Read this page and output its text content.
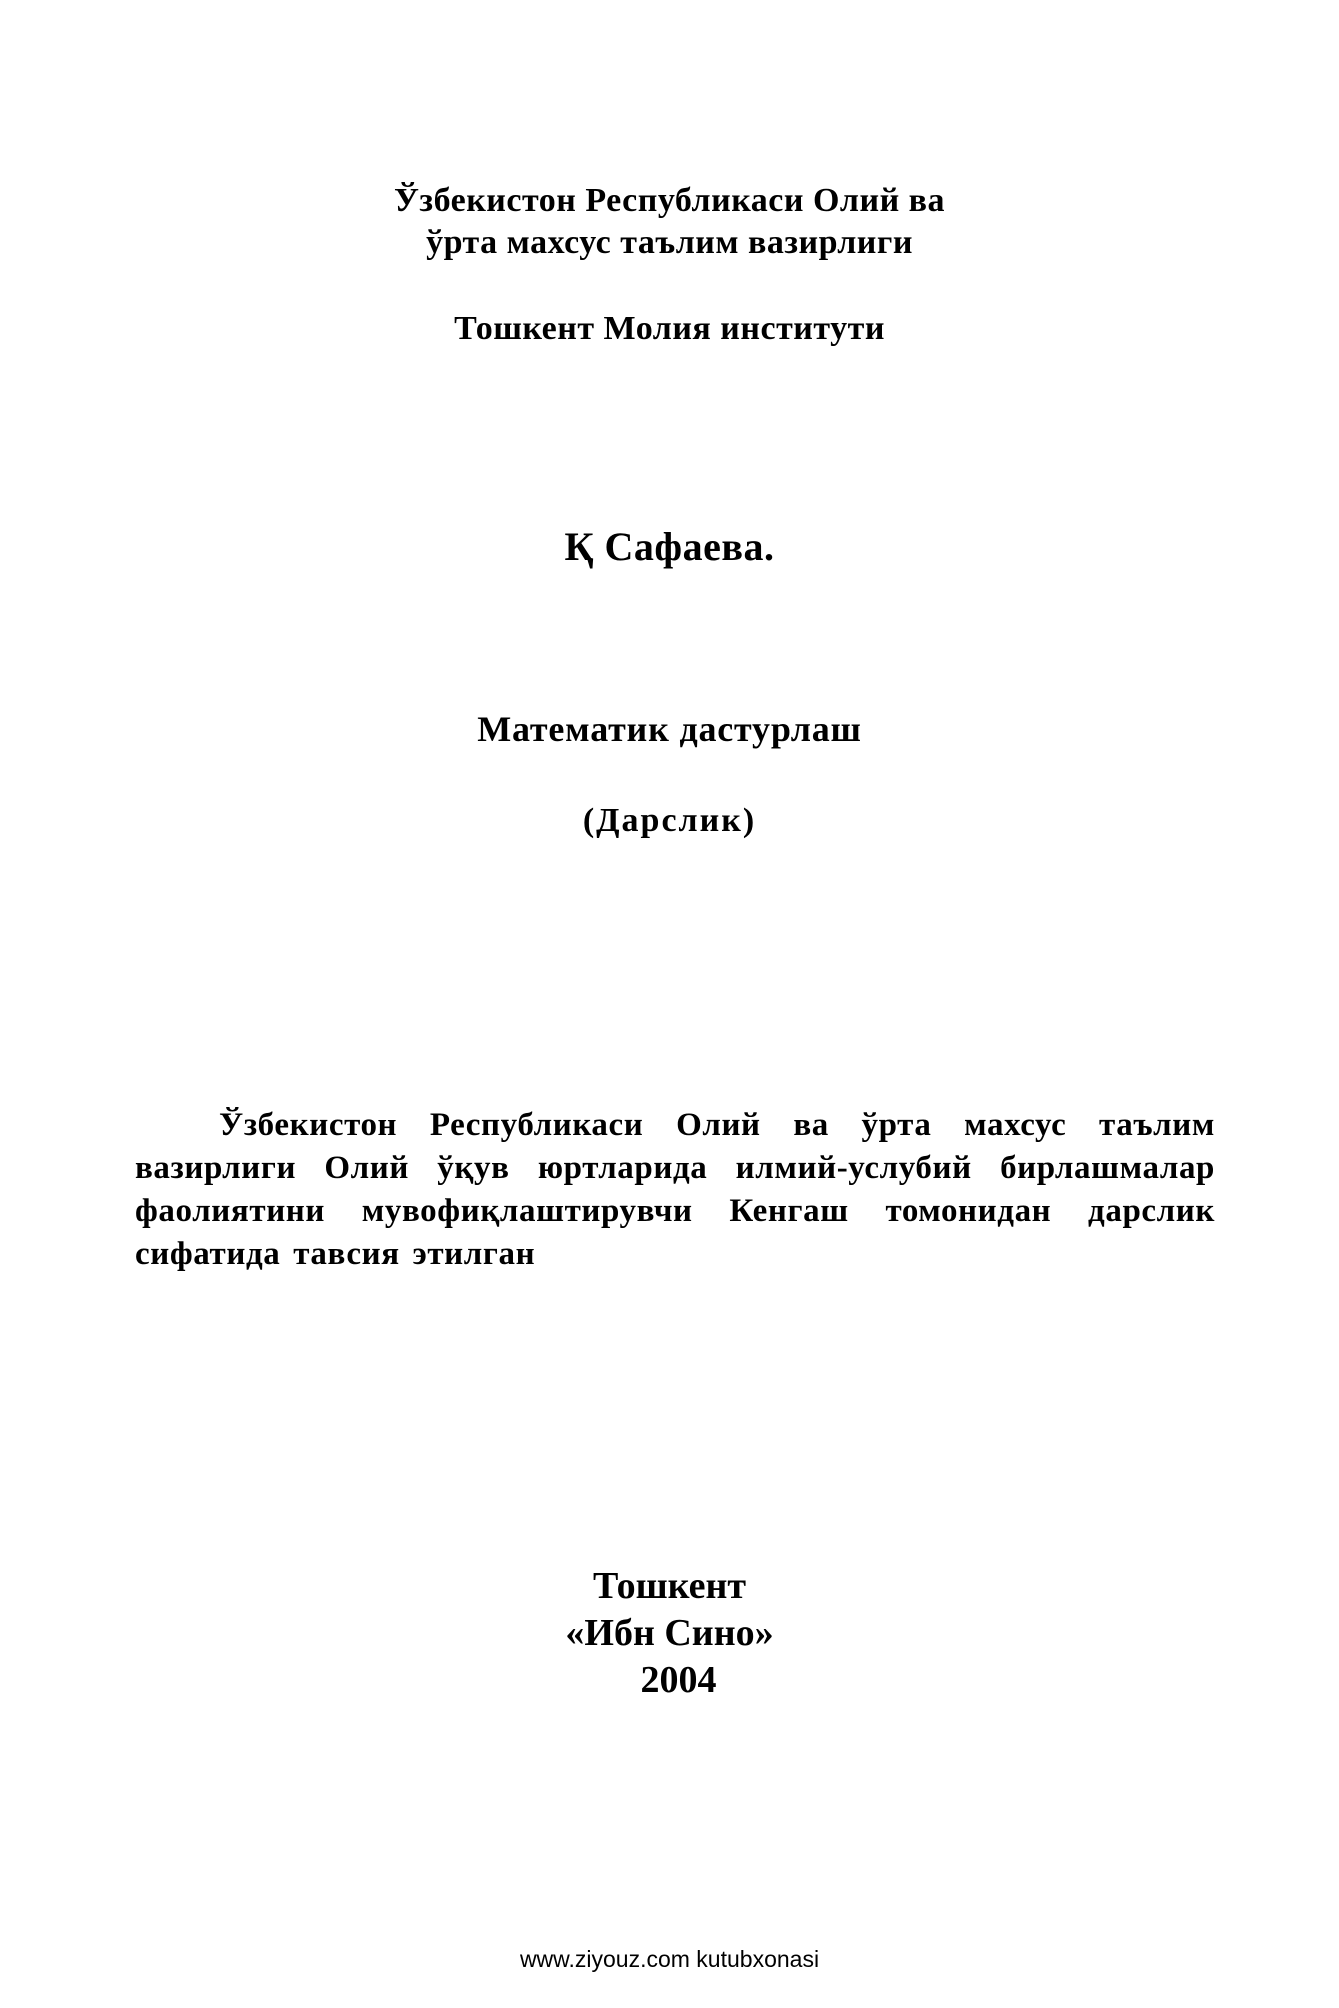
Ўзбекистон Республикаси Олий ва
ўрта махсус таълим вазирлиги
Тошкент Молия институти
Қ Сафаева.
Математик дастурлаш
(Дарслик)

Ўзбекистон Республикаси Олий ва ўрта махсус таълим вазирлиги Олий ўқув юртларида илмий-услубий бирлашмалар фаолиятини мувофиқлаштирувчи Кенгаш томонидан дарслик сифатида тавсия этилган

Тошкент
«Ибн Сино»
2004
www.ziyouz.com kutubxonasi
